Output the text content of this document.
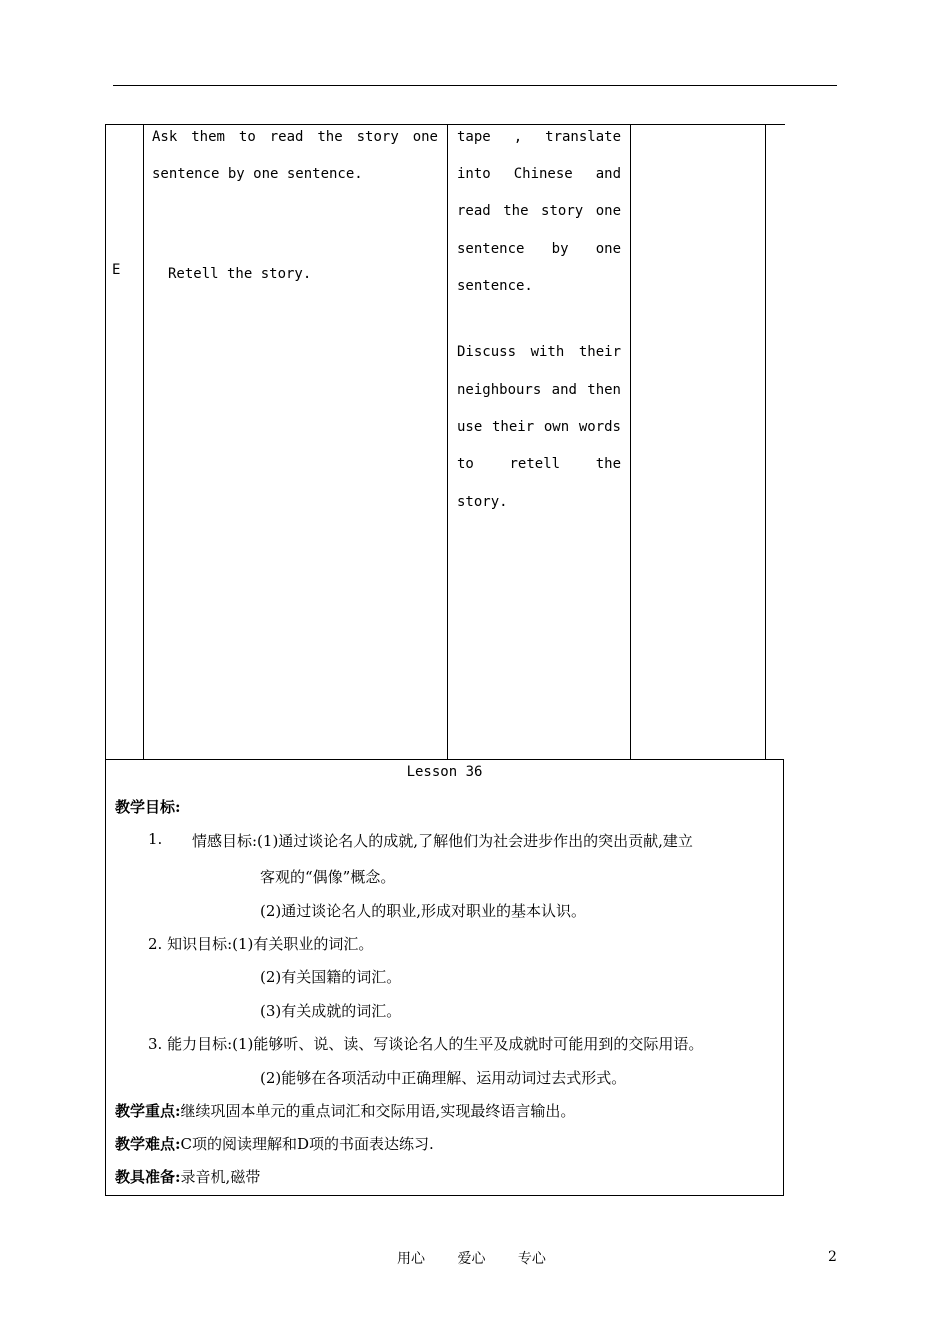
E
Ask them to read the story one
sentence by one sentence.
Retell the story.
tape , translate
into Chinese and
read the story one
sentence by one
sentence.
Discuss with their
neighbours and then
use their own words
to retell the
story.
Lesson 36
教学目标:
1. 情感目标:(1)通过谈论名人的成就,了解他们为社会进步作出的突出贡献,建立
客观的“偶像”概念。
(2)通过谈论名人的职业,形成对职业的基本认识。
2. 知识目标:(1)有关职业的词汇。
(2)有关国籍的词汇。
(3)有关成就的词汇。
3. 能力目标:(1)能够听、说、读、写谈论名人的生平及成就时可能用到的交际用语。
(2)能够在各项活动中正确理解、运用动词过去式形式。
教学重点:继续巩固本单元的重点词汇和交际用语,实现最终语言输出。
教学难点:C项的阅读理解和D项的书面表达练习.
教具准备:录音机,磁带
用心 爱心 专心	2
